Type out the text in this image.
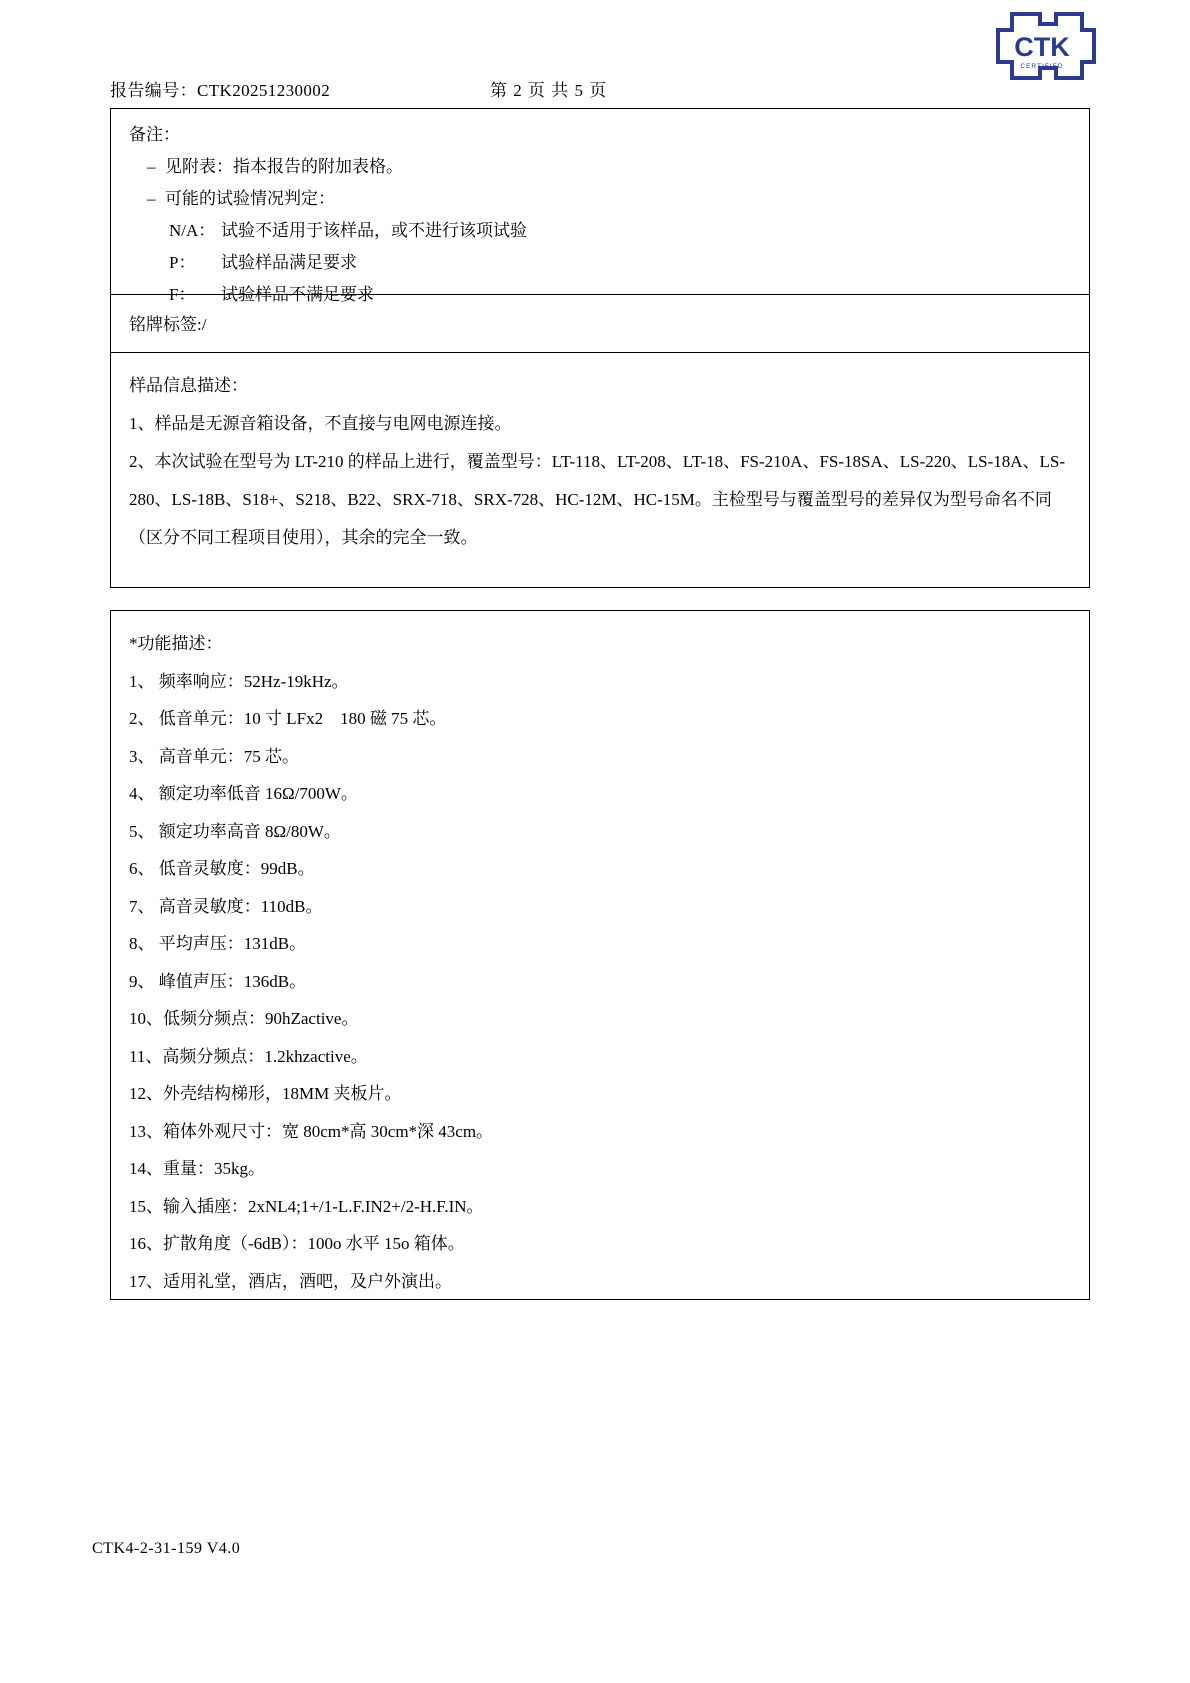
CTK
CERTIFIED
报告编号：CTK20251230002	第 2 页 共 5 页
备注：
– 见附表：指本报告的附加表格。
– 可能的试验情况判定：
N/A： 试验不适用于该样品，或不进行该项试验
P： 试验样品满足要求
F： 试验样品不满足要求
铭牌标签:/
样品信息描述：
1、样品是无源音箱设备，不直接与电网电源连接。
2、本次试验在型号为 LT-210 的样品上进行，覆盖型号：LT-118、LT-208、LT-18、FS-210A、FS-18SA、LS-220、LS-18A、LS-280、LS-18B、S18+、S218、B22、SRX-718、SRX-728、HC-12M、HC-15M。主检型号与覆盖型号的差异仅为型号命名不同（区分不同工程项目使用），其余的完全一致。
*功能描述：
1、 频率响应：52Hz-19kHz。
2、 低音单元：10 寸 LFx2　180 磁 75 芯。
3、 高音单元：75 芯。
4、 额定功率低音 16Ω/700W。
5、 额定功率高音 8Ω/80W。
6、 低音灵敏度：99dB。
7、 高音灵敏度：110dB。
8、 平均声压：131dB。
9、 峰值声压：136dB。
10、低频分频点：90hZactive。
11、高频分频点：1.2khzactive。
12、外壳结构梯形，18MM 夹板片。
13、箱体外观尺寸：宽 80cm*高 30cm*深 43cm。
14、重量：35kg。
15、输入插座：2xNL4;1+/1-L.F.IN2+/2-H.F.IN。
16、扩散角度（-6dB）：100o 水平 15o 箱体。
17、适用礼堂，酒店，酒吧，及户外演出。
CTK4-2-31-159 V4.0
